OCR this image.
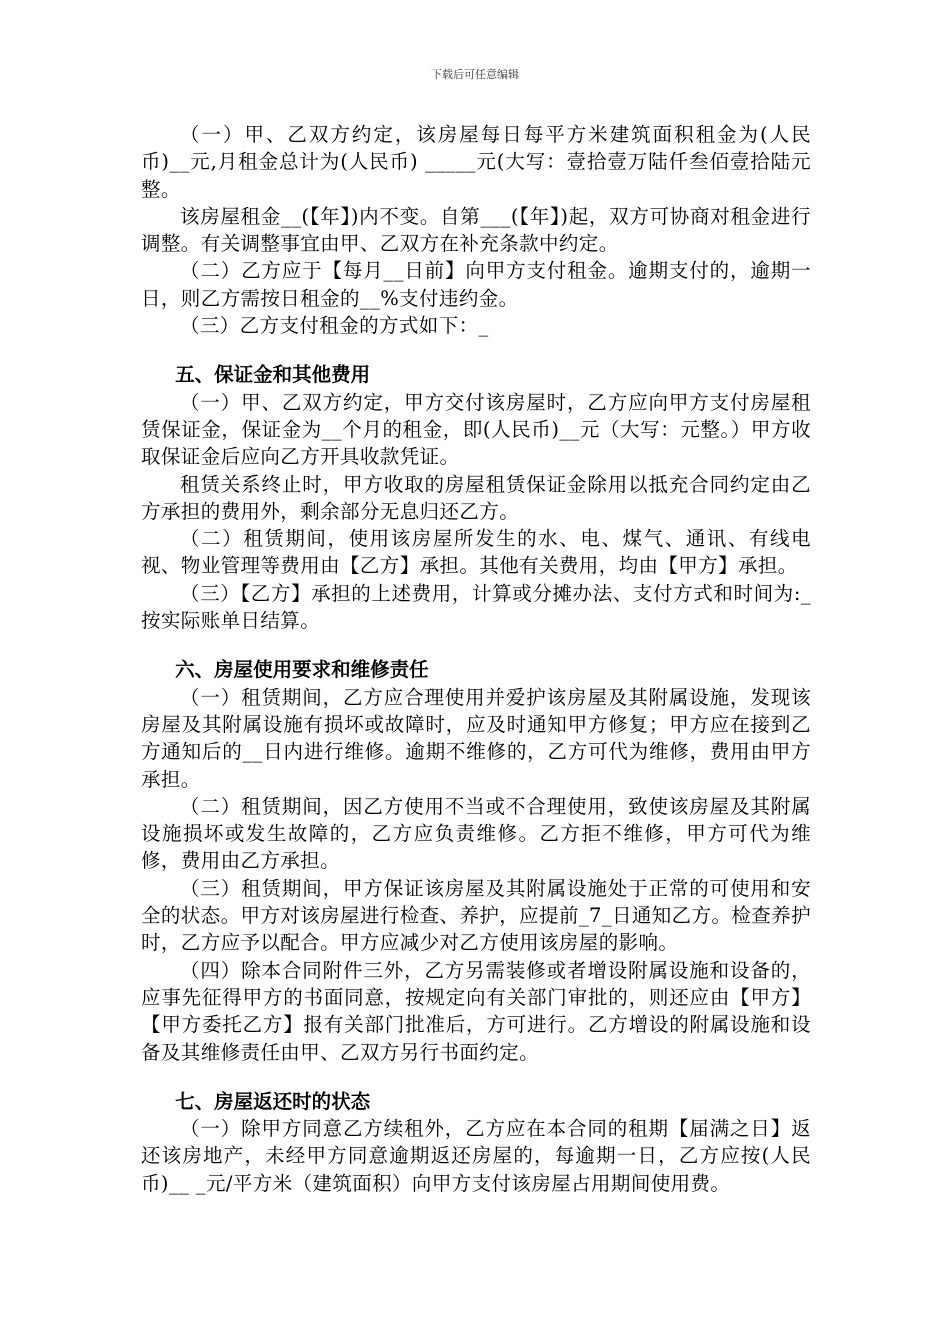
下载后可任意编辑

（一）甲、乙双方约定，该房屋每日每平方米建筑面积租金为(人民币)__元,月租金总计为(人民币) _____元(大写：壹拾壹万陆仟叁佰壹拾陆元整。

该房屋租金__(【年】)内不变。自第___(【年】)起，双方可协商对租金进行调整。有关调整事宜由甲、乙双方在补充条款中约定。

（二）乙方应于【每月__日前】向甲方支付租金。逾期支付的，逾期一日，则乙方需按日租金的__%支付违约金。

（三）乙方支付租金的方式如下：_

五、保证金和其他费用

（一）甲、乙双方约定，甲方交付该房屋时，乙方应向甲方支付房屋租赁保证金，保证金为__个月的租金，即(人民币)__元（大写：元整。）甲方收取保证金后应向乙方开具收款凭证。

租赁关系终止时，甲方收取的房屋租赁保证金除用以抵充合同约定由乙方承担的费用外，剩余部分无息归还乙方。

（二）租赁期间，使用该房屋所发生的水、电、煤气、通讯、有线电视、物业管理等费用由【乙方】承担。其他有关费用，均由【甲方】承担。

（三）【乙方】承担的上述费用，计算或分摊办法、支付方式和时间为:_按实际账单日结算。

六、房屋使用要求和维修责任

（一）租赁期间，乙方应合理使用并爱护该房屋及其附属设施，发现该房屋及其附属设施有损坏或故障时，应及时通知甲方修复；甲方应在接到乙方通知后的__日内进行维修。逾期不维修的，乙方可代为维修，费用由甲方承担。

（二）租赁期间，因乙方使用不当或不合理使用，致使该房屋及其附属设施损坏或发生故障的，乙方应负责维修。乙方拒不维修，甲方可代为维修，费用由乙方承担。

（三）租赁期间，甲方保证该房屋及其附属设施处于正常的可使用和安全的状态。甲方对该房屋进行检查、养护，应提前_7_日通知乙方。检查养护时，乙方应予以配合。甲方应减少对乙方使用该房屋的影响。

（四）除本合同附件三外，乙方另需装修或者增设附属设施和设备的，应事先征得甲方的书面同意，按规定向有关部门审批的，则还应由【甲方】【甲方委托乙方】报有关部门批准后，方可进行。乙方增设的附属设施和设备及其维修责任由甲、乙双方另行书面约定。

七、房屋返还时的状态

（一）除甲方同意乙方续租外，乙方应在本合同的租期【届满之日】返还该房地产，未经甲方同意逾期返还房屋的，每逾期一日，乙方应按(人民币)__ _元/平方米（建筑面积）向甲方支付该房屋占用期间使用费。
